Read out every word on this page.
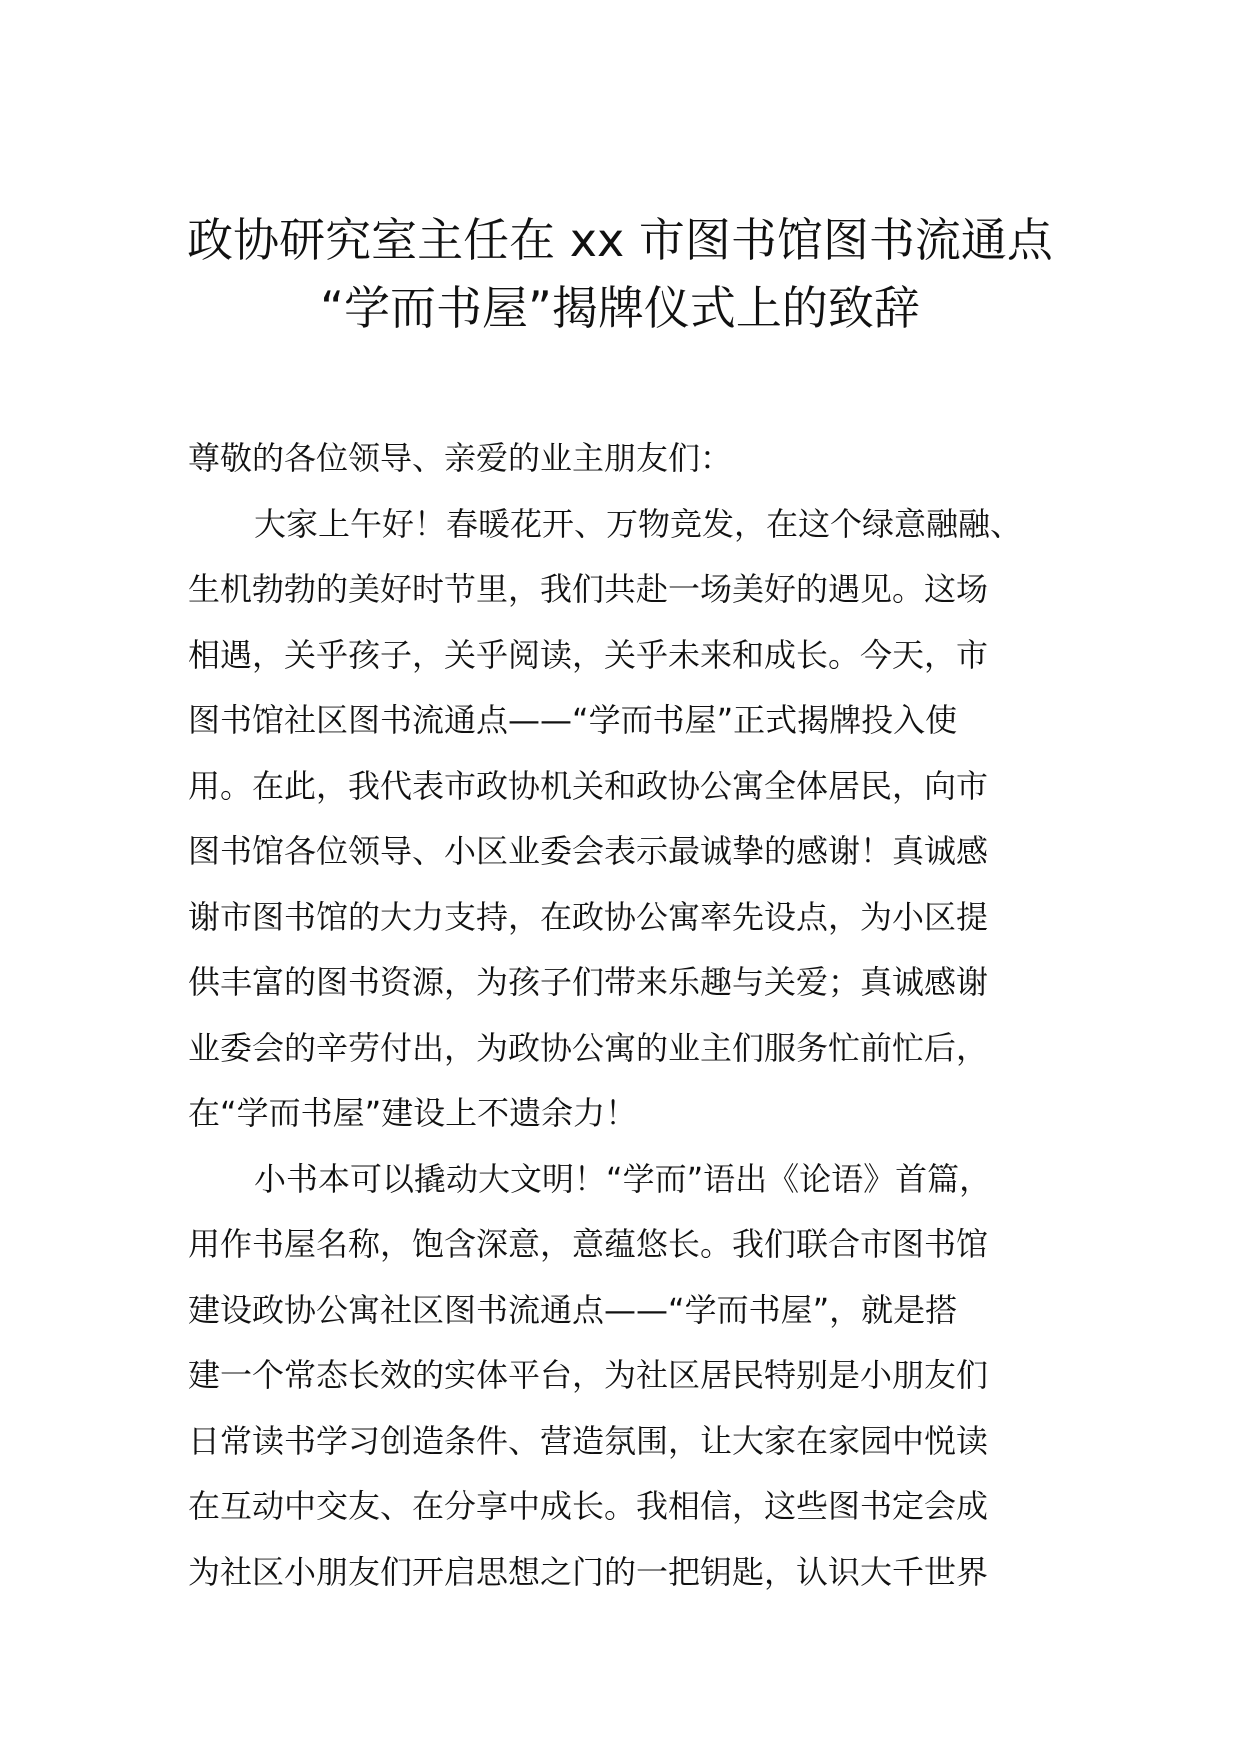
政协研究室主任在 xx 市图书馆图书流通点
“学而书屋”揭牌仪式上的致辞
尊敬的各位领导、亲爱的业主朋友们：
大家上午好！春暖花开、万物竞发，在这个绿意融融、
生机勃勃的美好时节里，我们共赴一场美好的遇见。这场
相遇，关乎孩子，关乎阅读，关乎未来和成长。今天，市
图书馆社区图书流通点——“学而书屋”正式揭牌投入使
用。在此，我代表市政协机关和政协公寓全体居民，向市
图书馆各位领导、小区业委会表示最诚挚的感谢！真诚感
谢市图书馆的大力支持，在政协公寓率先设点，为小区提
供丰富的图书资源，为孩子们带来乐趣与关爱；真诚感谢
业委会的辛劳付出，为政协公寓的业主们服务忙前忙后，
在“学而书屋”建设上不遗余力！
小书本可以撬动大文明！“学而”语出《论语》首篇，
用作书屋名称，饱含深意，意蕴悠长。我们联合市图书馆
建设政协公寓社区图书流通点——“学而书屋”，就是搭
建一个常态长效的实体平台，为社区居民特别是小朋友们
日常读书学习创造条件、营造氛围，让大家在家园中悦读
在互动中交友、在分享中成长。我相信，这些图书定会成
为社区小朋友们开启思想之门的一把钥匙，认识大千世界
